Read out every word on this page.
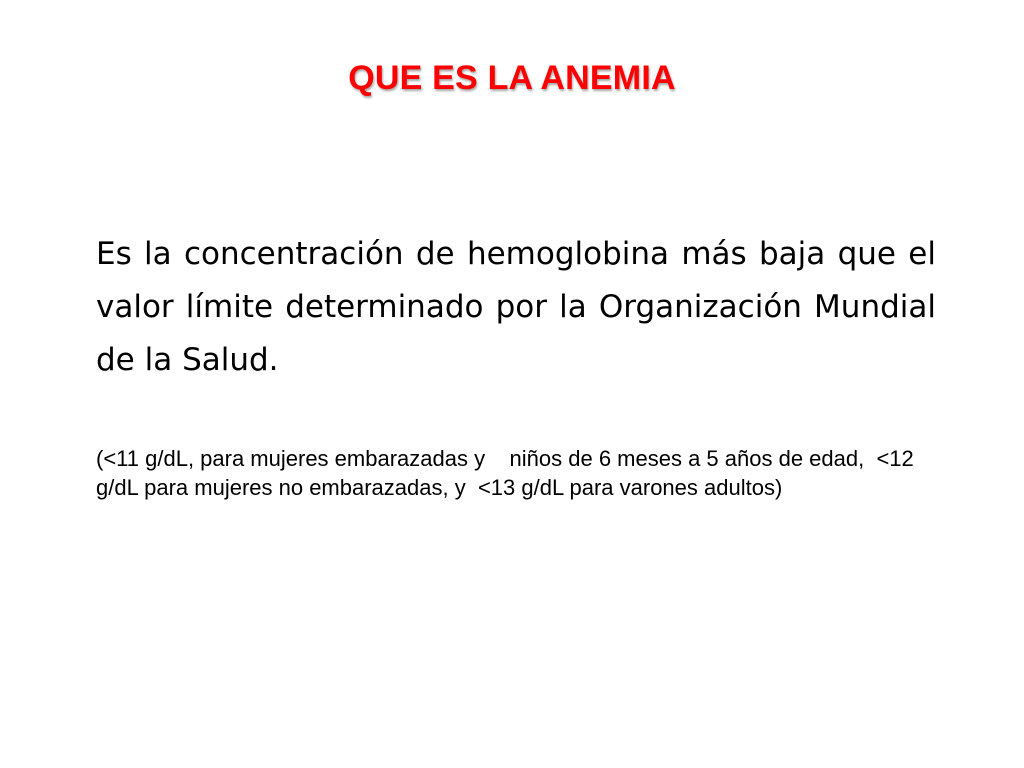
QUE ES LA ANEMIA

Es la concentración de hemoglobina más baja que el valor límite determinado por la Organización Mundial de la Salud.

(<11 g/dL, para mujeres embarazadas y    niños de 6 meses a 5 años de edad,  <12 g/dL para mujeres no embarazadas, y  <13 g/dL para varones adultos)
